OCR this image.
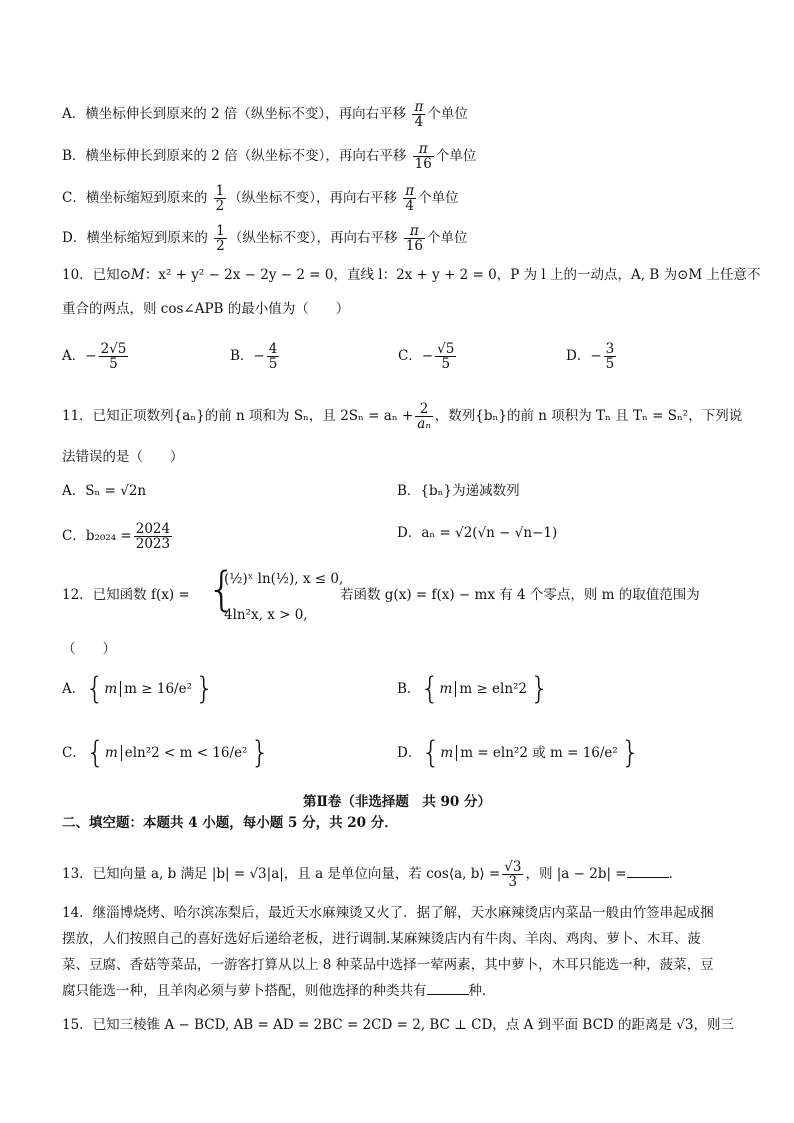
A．横坐标伸长到原来的 2 倍（纵坐标不变），再向右平移 $\frac{\pi}{4}$ 个单位
B．横坐标伸长到原来的 2 倍（纵坐标不变），再向右平移 $\frac{\pi}{16}$ 个单位
C．横坐标缩短到原来的 $\frac{1}{2}$ （纵坐标不变），再向右平移 $\frac{\pi}{4}$ 个单位
D．横坐标缩短到原来的 $\frac{1}{2}$ （纵坐标不变），再向右平移 $\frac{\pi}{16}$ 个单位
10．已知⊙M：x² + y² − 2x − 2y − 2 = 0，直线 l：2x + y + 2 = 0，P 为 l 上的一动点，A, B 为⊙M 上任意不
重合的两点，则 cos∠APB 的最小值为（　　）
A．− $\frac{2√5}{5}$	B．− $\frac{4}{5}$	C．− $\frac{√5}{5}$	D．− $\frac{3}{5}$
11．已知正项数列{aₙ}的前 n 项和为 Sₙ，且 $2S_n = a_n + \frac{2}{\text{aₙ}}$ ，数列{bₙ}的前 n 项积为 Tₙ 且 Tₙ = Sₙ²，下列说
法错误的是（　　）
A．Sₙ = √2n	B．{bₙ}为递减数列
C．$b_{2024} = \frac{2024}{2023}$	D．aₙ = √2(√n − √n−1)
12．已知函数 f(x) = {
(½)ˣ ln(½), x ≤ 0,
4ln²x, x > 0,
若函数 g(x) = f(x) − mx 有 4 个零点，则 m 的取值范围为
（　　）
A．{m m ≥ 16/e² }	B．{m m ≥ eln²2 }
C．{m eln²2 < m < 16/e² }	D．{m m = eln²2 或 m = 16/e² }
第Ⅱ卷（非选择题　共 90 分）
二、填空题：本题共 4 小题，每小题 5 分，共 20 分．
13．已知向量 a, b 满足 |b| = √3|a|，且 a 是单位向量，若 cos⟨a, b⟩ = $\frac{√3}{3}$ ，则 |a − 2b| =	．
14．继淄博烧烤、哈尔滨冻梨后，最近天水麻辣烫又火了．据了解，天水麻辣烫店内菜品一般由竹签串起成捆
摆放，人们按照自己的喜好选好后递给老板，进行调制.某麻辣烫店内有牛肉、羊肉、鸡肉、萝卜、木耳、菠
菜、豆腐、香菇等菜品，一游客打算从以上 8 种菜品中选择一荤两素，其中萝卜，木耳只能选一种，菠菜，豆
腐只能选一种，且羊肉必须与萝卜搭配，则他选择的种类共有	种．
15．已知三棱锥 A − BCD, AB = AD = 2BC = 2CD = 2, BC ⊥ CD，点 A 到平面 BCD 的距离是 √3，则三
